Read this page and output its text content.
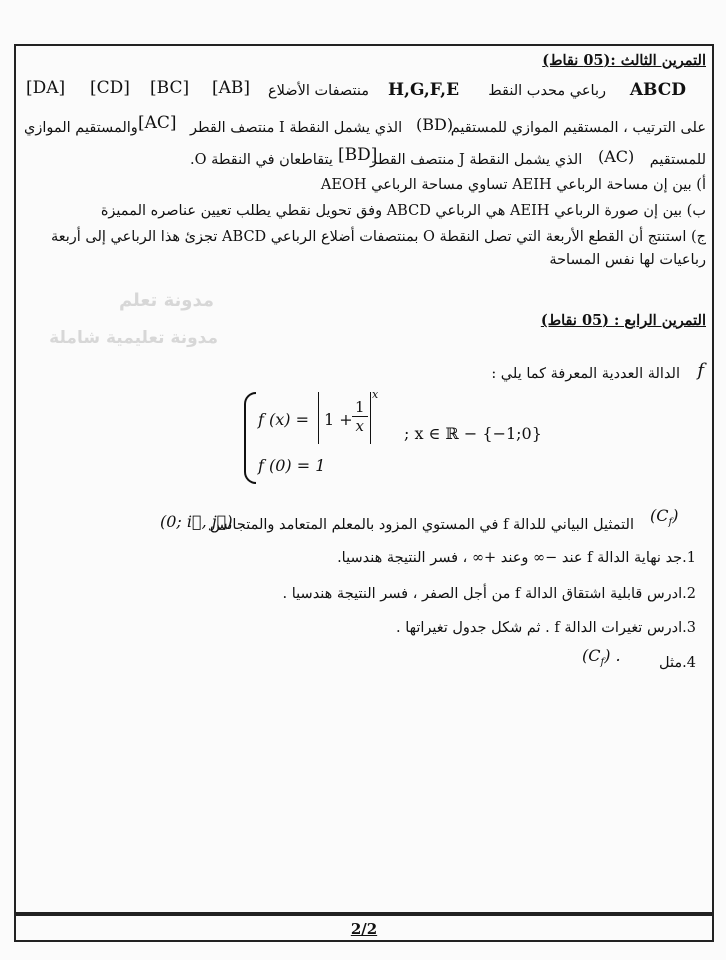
التمرين الثالث :(05 نقاط)
ABCD
رباعي محدب النقط
H,G,F,E
منتصفات الأضلاع
[AB]
[BC]
[CD]
[DA]
على الترتيب ، المستقيم الموازي للمستقيم
(BD)
الذي يشمل النقطة I منتصف القطر
[AC]
والمستقيم الموازي
للمستقيم
(AC)
الذي يشمل النقطة J منتصف القطر
[BD]
يتقاطعان في النقطة O.
أ) بين إن مساحة الرباعي AEIH تساوي مساحة الرباعي AEOH
ب) بين إن صورة الرباعي AEIH هي الرباعي ABCD وفق تحويل نقطي يطلب تعيين عناصره المميزة
ج) استنتج أن القطع الأربعة التي تصل النقطة O بمنتصفات أضلاع الرباعي ABCD تجزئ هذا الرباعي إلى أربعة
رباعيات لها نفس المساحة
مدونة تعلم
مدونة تعليمية شاملة
التمرين الرابع : (05 نقاط)
f
الدالة العددية المعرفة كما يلي :
f $(x) = 1 + \frac{1}{x}$
x
f (0) = 1
; x ∈ ℝ − {−1;0}
$(C_f)$
التمثيل البياني للدالة f في المستوي المزود بالمعلم المتعامد والمتجانس
(0; i⃗, j⃗)
1.جد نهاية الدالة f عند −∞ وعند +∞ ، فسر النتيجة هندسيا.
2.ادرس قابلية اشتقاق الدالة f من أجل الصفر ، فسر النتيجة هندسيا .
3.ادرس تغيرات الدالة f . ثم شكل جدول تغيراتها .
4.مثل
$(C_f)$ .
2/2
